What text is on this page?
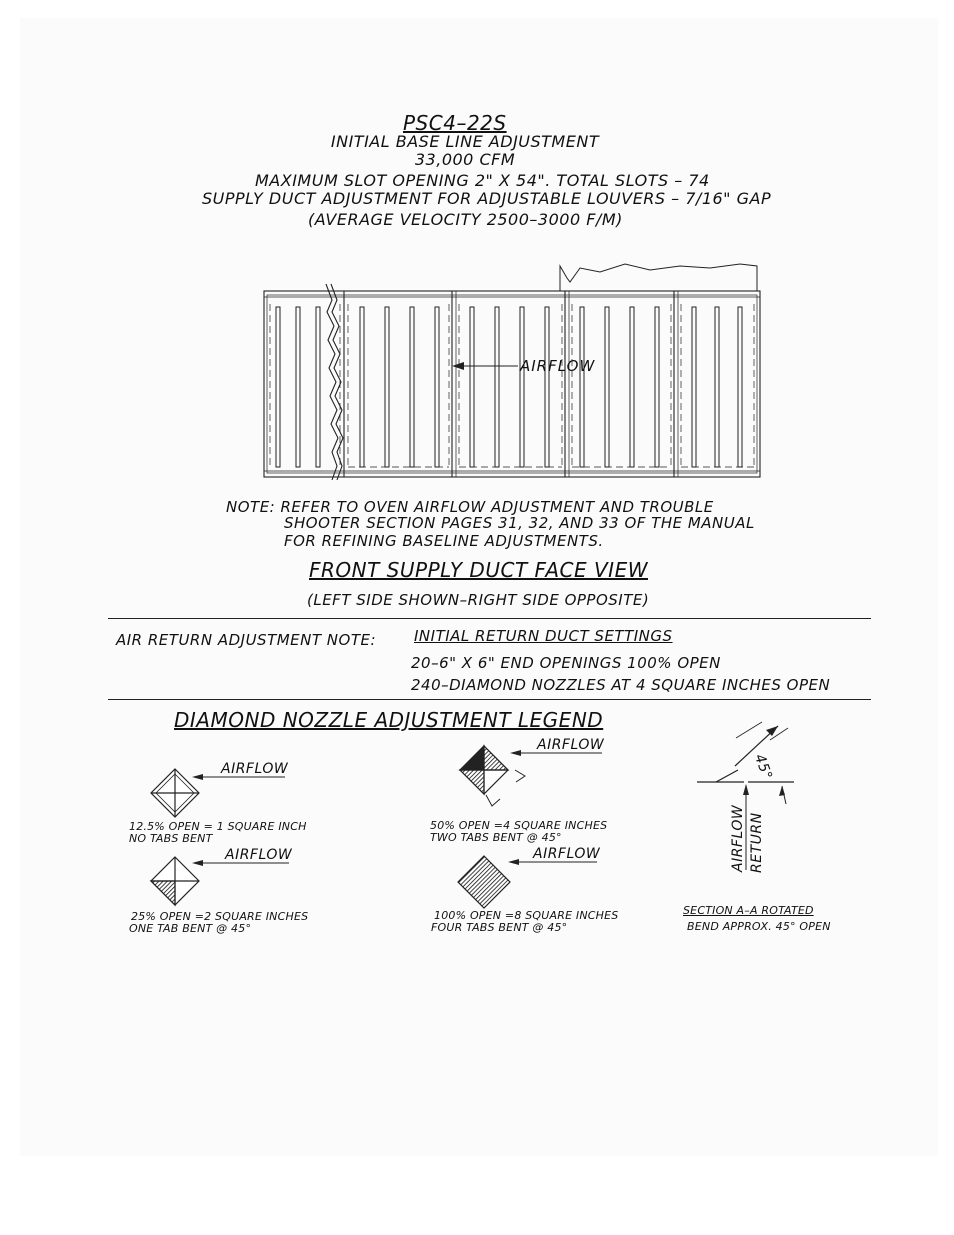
PSC4–22S
INITIAL BASE LINE ADJUSTMENT
33,000 CFM
MAXIMUM SLOT OPENING 2" X 54". TOTAL SLOTS – 74
SUPPLY DUCT ADJUSTMENT FOR ADJUSTABLE LOUVERS – 7/16" GAP
(AVERAGE VELOCITY 2500–3000 F/M)
AIRFLOW
NOTE: REFER TO OVEN AIRFLOW ADJUSTMENT AND TROUBLE
SHOOTER SECTION PAGES 31, 32, AND 33 OF THE MANUAL
FOR REFINING BASELINE ADJUSTMENTS.
FRONT SUPPLY DUCT FACE VIEW
(LEFT SIDE SHOWN–RIGHT SIDE OPPOSITE)
AIR RETURN ADJUSTMENT NOTE:	INITIAL RETURN DUCT SETTINGS
20–6" X 6" END OPENINGS 100% OPEN
240–DIAMOND NOZZLES AT 4 SQUARE INCHES OPEN
DIAMOND NOZZLE ADJUSTMENT LEGEND
AIRFLOW
12.5% OPEN = 1 SQUARE INCH
NO TABS BENT
AIRFLOW
25% OPEN =2 SQUARE INCHES
ONE TAB BENT @ 45°
AIRFLOW
50% OPEN =4 SQUARE INCHES
TWO TABS BENT @ 45°
AIRFLOW
100% OPEN =8 SQUARE INCHES
FOUR TABS BENT @ 45°
45°
AIRFLOW RETURN
SECTION A–A ROTATED
BEND APPROX. 45° OPEN
